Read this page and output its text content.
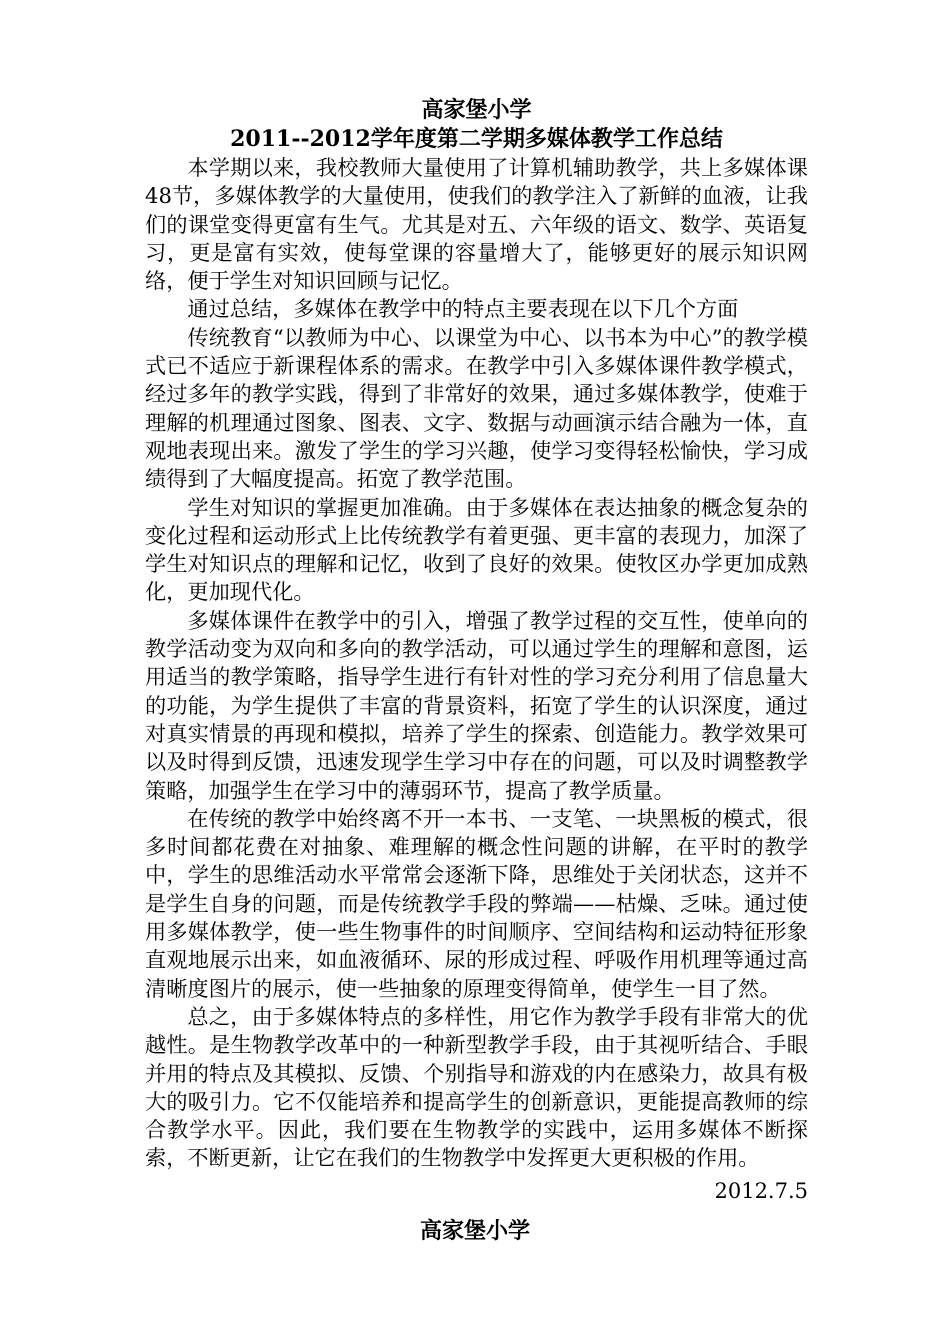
高家堡小学
2011--2012学年度第二学期多媒体教学工作总结

本学期以来，我校教师大量使用了计算机辅助教学，共上多媒体课48节，多媒体教学的大量使用，使我们的教学注入了新鲜的血液，让我们的课堂变得更富有生气。尤其是对五、六年级的语文、数学、英语复习，更是富有实效，使每堂课的容量增大了，能够更好的展示知识网络，便于学生对知识回顾与记忆。

通过总结，多媒体在教学中的特点主要表现在以下几个方面

传统教育“以教师为中心、以课堂为中心、以书本为中心”的教学模式已不适应于新课程体系的需求。在教学中引入多媒体课件教学模式，经过多年的教学实践，得到了非常好的效果，通过多媒体教学，使难于理解的机理通过图象、图表、文字、数据与动画演示结合融为一体，直观地表现出来。激发了学生的学习兴趣，使学习变得轻松愉快，学习成绩得到了大幅度提高。拓宽了教学范围。

学生对知识的掌握更加准确。由于多媒体在表达抽象的概念复杂的变化过程和运动形式上比传统教学有着更强、更丰富的表现力，加深了学生对知识点的理解和记忆，收到了良好的效果。使牧区办学更加成熟化，更加现代化。

多媒体课件在教学中的引入，增强了教学过程的交互性，使单向的教学活动变为双向和多向的教学活动，可以通过学生的理解和意图，运用适当的教学策略，指导学生进行有针对性的学习充分利用了信息量大的功能，为学生提供了丰富的背景资料，拓宽了学生的认识深度，通过对真实情景的再现和模拟，培养了学生的探索、创造能力。教学效果可以及时得到反馈，迅速发现学生学习中存在的问题，可以及时调整教学策略，加强学生在学习中的薄弱环节，提高了教学质量。

在传统的教学中始终离不开一本书、一支笔、一块黑板的模式，很多时间都花费在对抽象、难理解的概念性问题的讲解，在平时的教学中，学生的思维活动水平常常会逐渐下降，思维处于关闭状态，这并不是学生自身的问题，而是传统教学手段的弊端——枯燥、乏味。通过使用多媒体教学，使一些生物事件的时间顺序、空间结构和运动特征形象直观地展示出来，如血液循环、尿的形成过程、呼吸作用机理等通过高清晰度图片的展示，使一些抽象的原理变得简单，使学生一目了然。

总之，由于多媒体特点的多样性，用它作为教学手段有非常大的优越性。是生物教学改革中的一种新型教学手段，由于其视听结合、手眼并用的特点及其模拟、反馈、个别指导和游戏的内在感染力，故具有极大的吸引力。它不仅能培养和提高学生的创新意识，更能提高教师的综合教学水平。因此，我们要在生物教学的实践中，运用多媒体不断探索，不断更新，让它在我们的生物教学中发挥更大更积极的作用。

2012.7.5

高家堡小学
